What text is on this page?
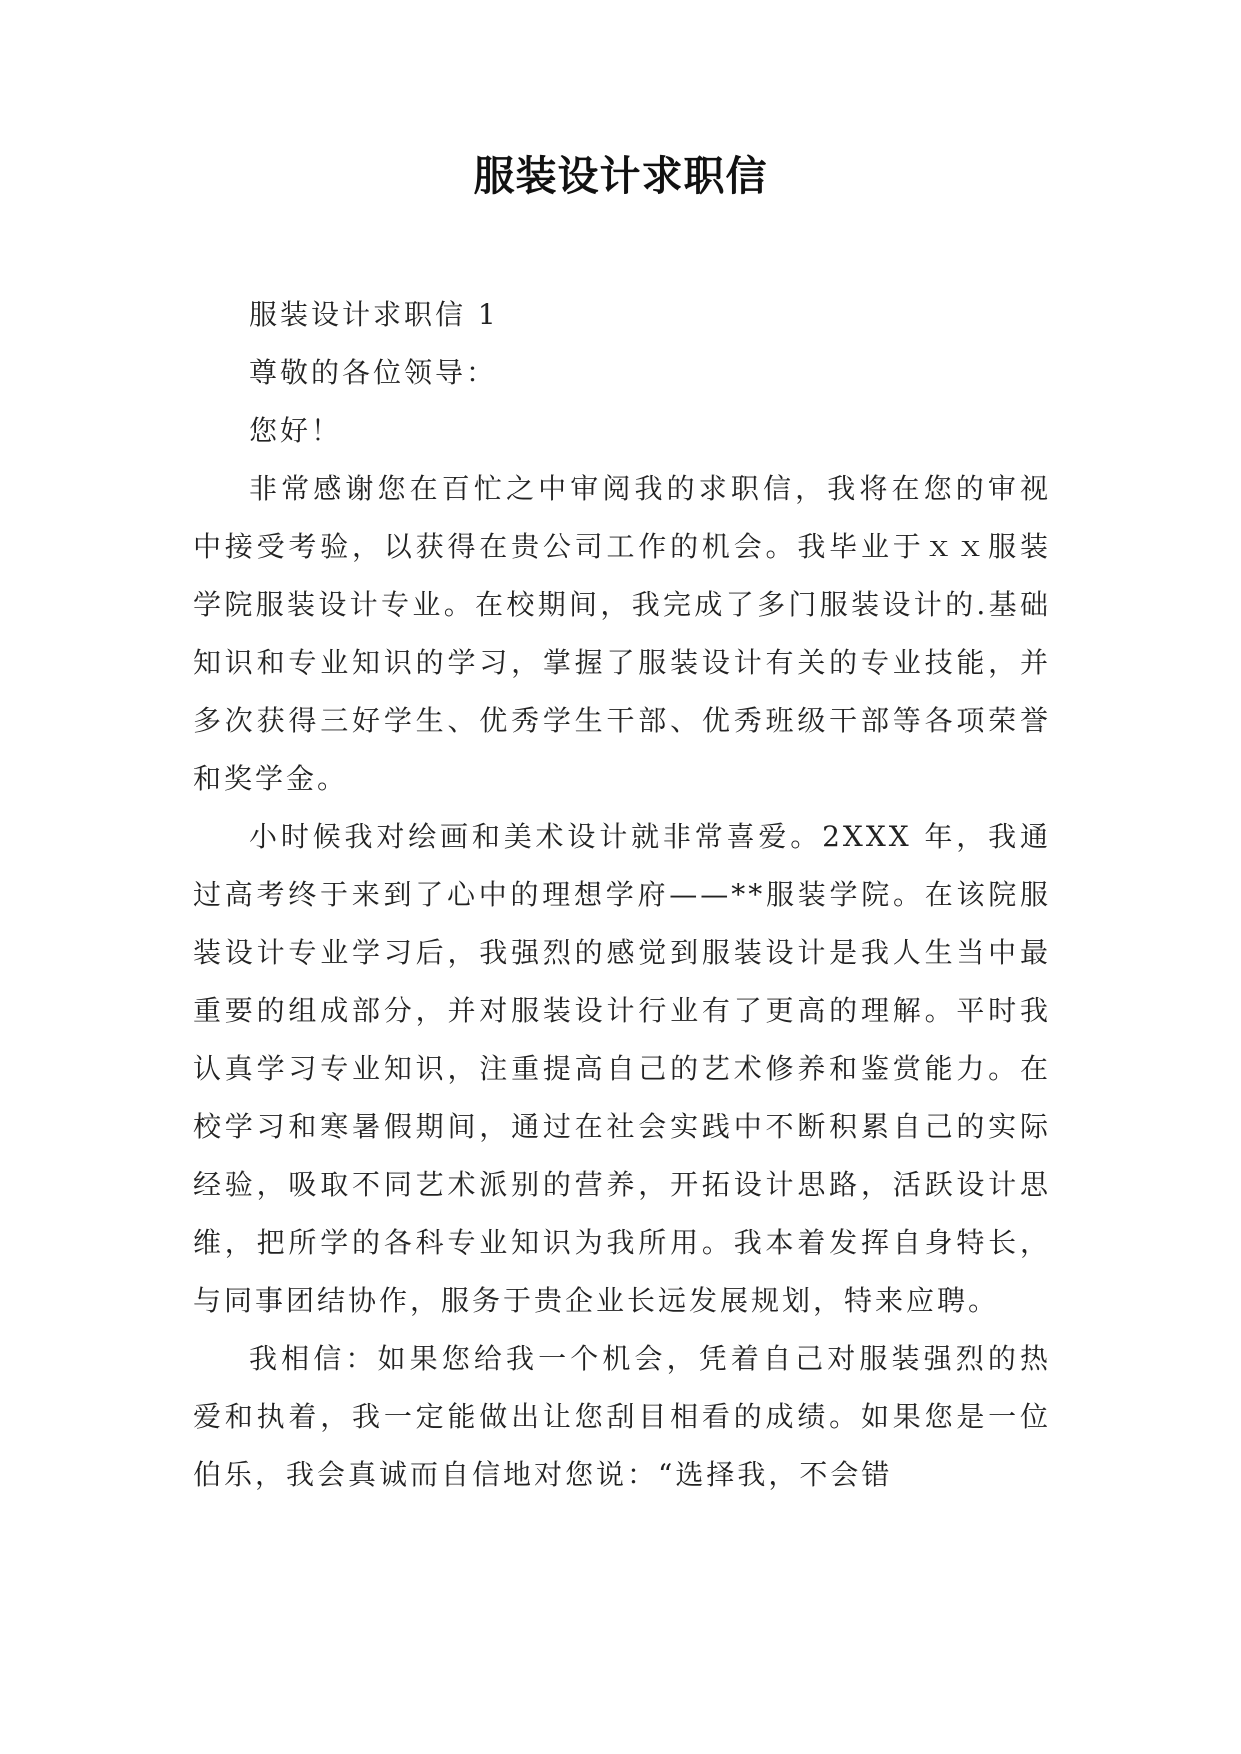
服装设计求职信

服装设计求职信 1

尊敬的各位领导：

您好！

非常感谢您在百忙之中审阅我的求职信，我将在您的审视中接受考验，以获得在贵公司工作的机会。我毕业于ｘｘ服装学院服装设计专业。在校期间，我完成了多门服装设计的.基础知识和专业知识的学习，掌握了服装设计有关的专业技能，并多次获得三好学生、优秀学生干部、优秀班级干部等各项荣誉和奖学金。

小时候我对绘画和美术设计就非常喜爱。2XXX 年，我通过高考终于来到了心中的理想学府——**服装学院。在该院服装设计专业学习后，我强烈的感觉到服装设计是我人生当中最重要的组成部分，并对服装设计行业有了更高的理解。平时我认真学习专业知识，注重提高自己的艺术修养和鉴赏能力。在校学习和寒暑假期间，通过在社会实践中不断积累自己的实际经验，吸取不同艺术派别的营养，开拓设计思路，活跃设计思维，把所学的各科专业知识为我所用。我本着发挥自身特长，与同事团结协作，服务于贵企业长远发展规划，特来应聘。

我相信：如果您给我一个机会，凭着自己对服装强烈的热爱和执着，我一定能做出让您刮目相看的成绩。如果您是一位伯乐，我会真诚而自信地对您说：“选择我，不会错
